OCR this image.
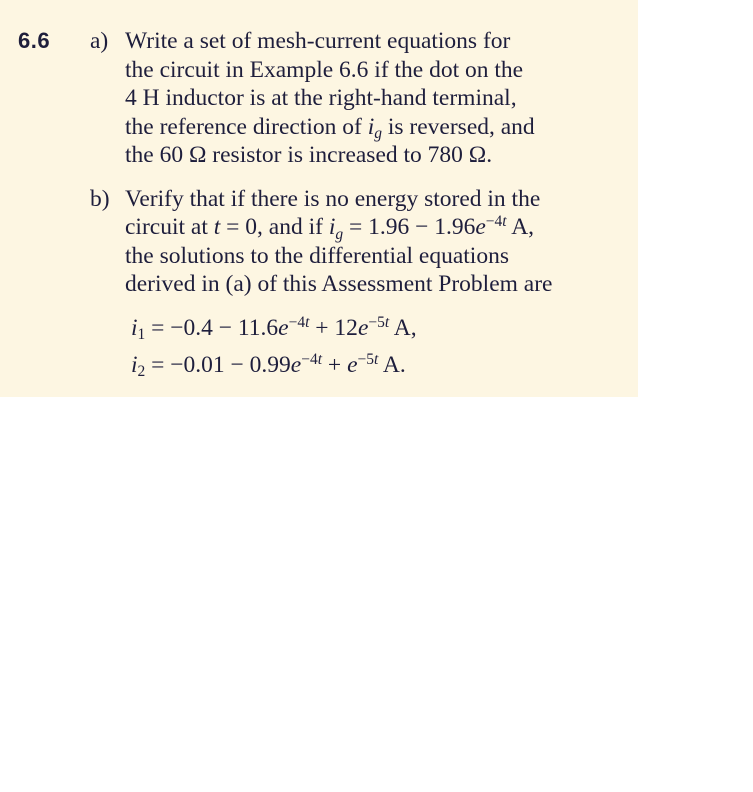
6.6	a) Write a set of mesh-current equations for
the circuit in Example 6.6 if the dot on the
4 H inductor is at the right-hand terminal,
the reference direction of ig is reversed, and
the 60 Ω resistor is increased to 780 Ω.
b) Verify that if there is no energy stored in the
circuit at t = 0, and if ig = $1.96 - 1.96e^{-4t}$ A,
the solutions to the differential equations
derived in (a) of this Assessment Problem are
$i1 = -0.4 - 11.6e^{-4t} + 12e^{-5t}$ A,
$i2 = -0.01 - 0.99e^{-4t} + e^{-5t}$ A.
